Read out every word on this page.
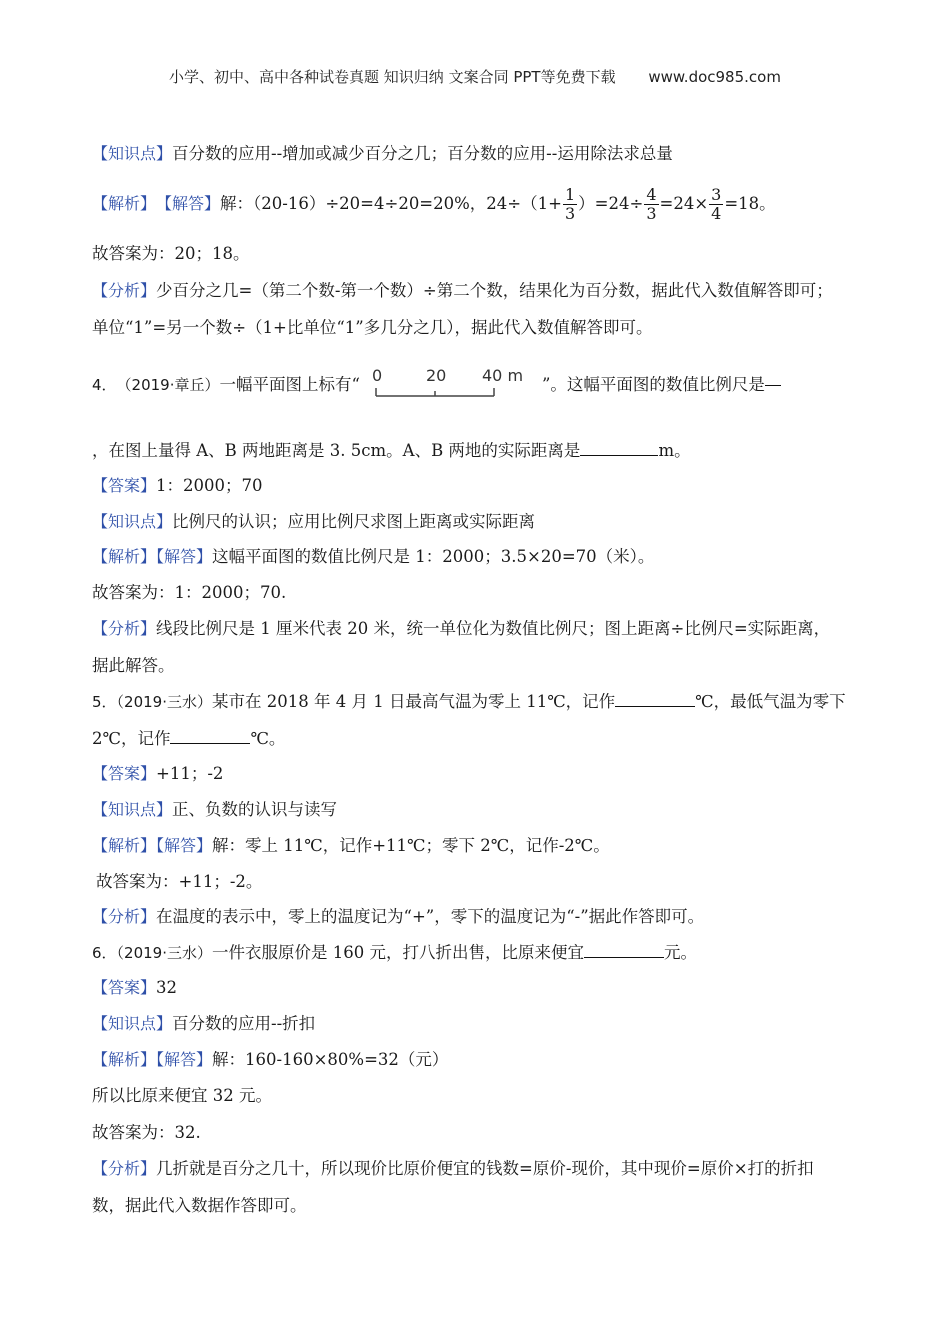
小学、初中、高中各种试卷真题 知识归纳 文案合同 PPT等免费下载 www.doc985.com
【知识点】百分数的应用--增加或减少百分之几；百分数的应用--运用除法求总量
【解析】 【解答】 解：（20-16）÷20=4÷20=20%，$24\div(1+ \frac{1}{3} )=24\div \frac{4}{3} =24\times \frac{3}{4} =18$。
故答案为：20；18。
【分析】少百分之几=（第二个数-第一个数）÷第二个数，结果化为百分数，据此代入数值解答即可；
单位“1”=另一个数÷（1+比单位“1”多几分之几），据此代入数值解答即可。
4． （2019·章丘） 一幅平面图上标有“ 0	20 40 m ”。这幅平面图的数值比例尺是
，在图上量得 A、B 两地距离是 3. 5cm。A、B 两地的实际距离是	m。
【答案】1：2000；70
【知识点】比例尺的认识；应用比例尺求图上距离或实际距离
【解析】【解答】这幅平面图的数值比例尺是 1：2000；3.5×20=70（米）。
故答案为：1：2000；70.
【分析】线段比例尺是 1 厘米代表 20 米，统一单位化为数值比例尺；图上距离÷比例尺=实际距离，
据此解答。
5．（2019·三水）某市在 2018 年 4 月 1 日最高气温为零上 11℃，记作	℃，最低气温为零下
2℃，记作	℃。
【答案】+11；-2
【知识点】正、负数的认识与读写
【解析】【解答】解：零上 11℃，记作+11℃；零下 2℃，记作-2℃。
故答案为：+11；-2。
【分析】在温度的表示中，零上的温度记为“+”，零下的温度记为“-”据此作答即可。
6．（2019·三水）一件衣服原价是 160 元，打八折出售，比原来便宜	元。
【答案】32
【知识点】百分数的应用--折扣
【解析】【解答】解：160-160×80%=32（元）
所以比原来便宜 32 元。
故答案为：32.
【分析】几折就是百分之几十，所以现价比原价便宜的钱数=原价-现价，其中现价=原价×打的折扣
数，据此代入数据作答即可。
